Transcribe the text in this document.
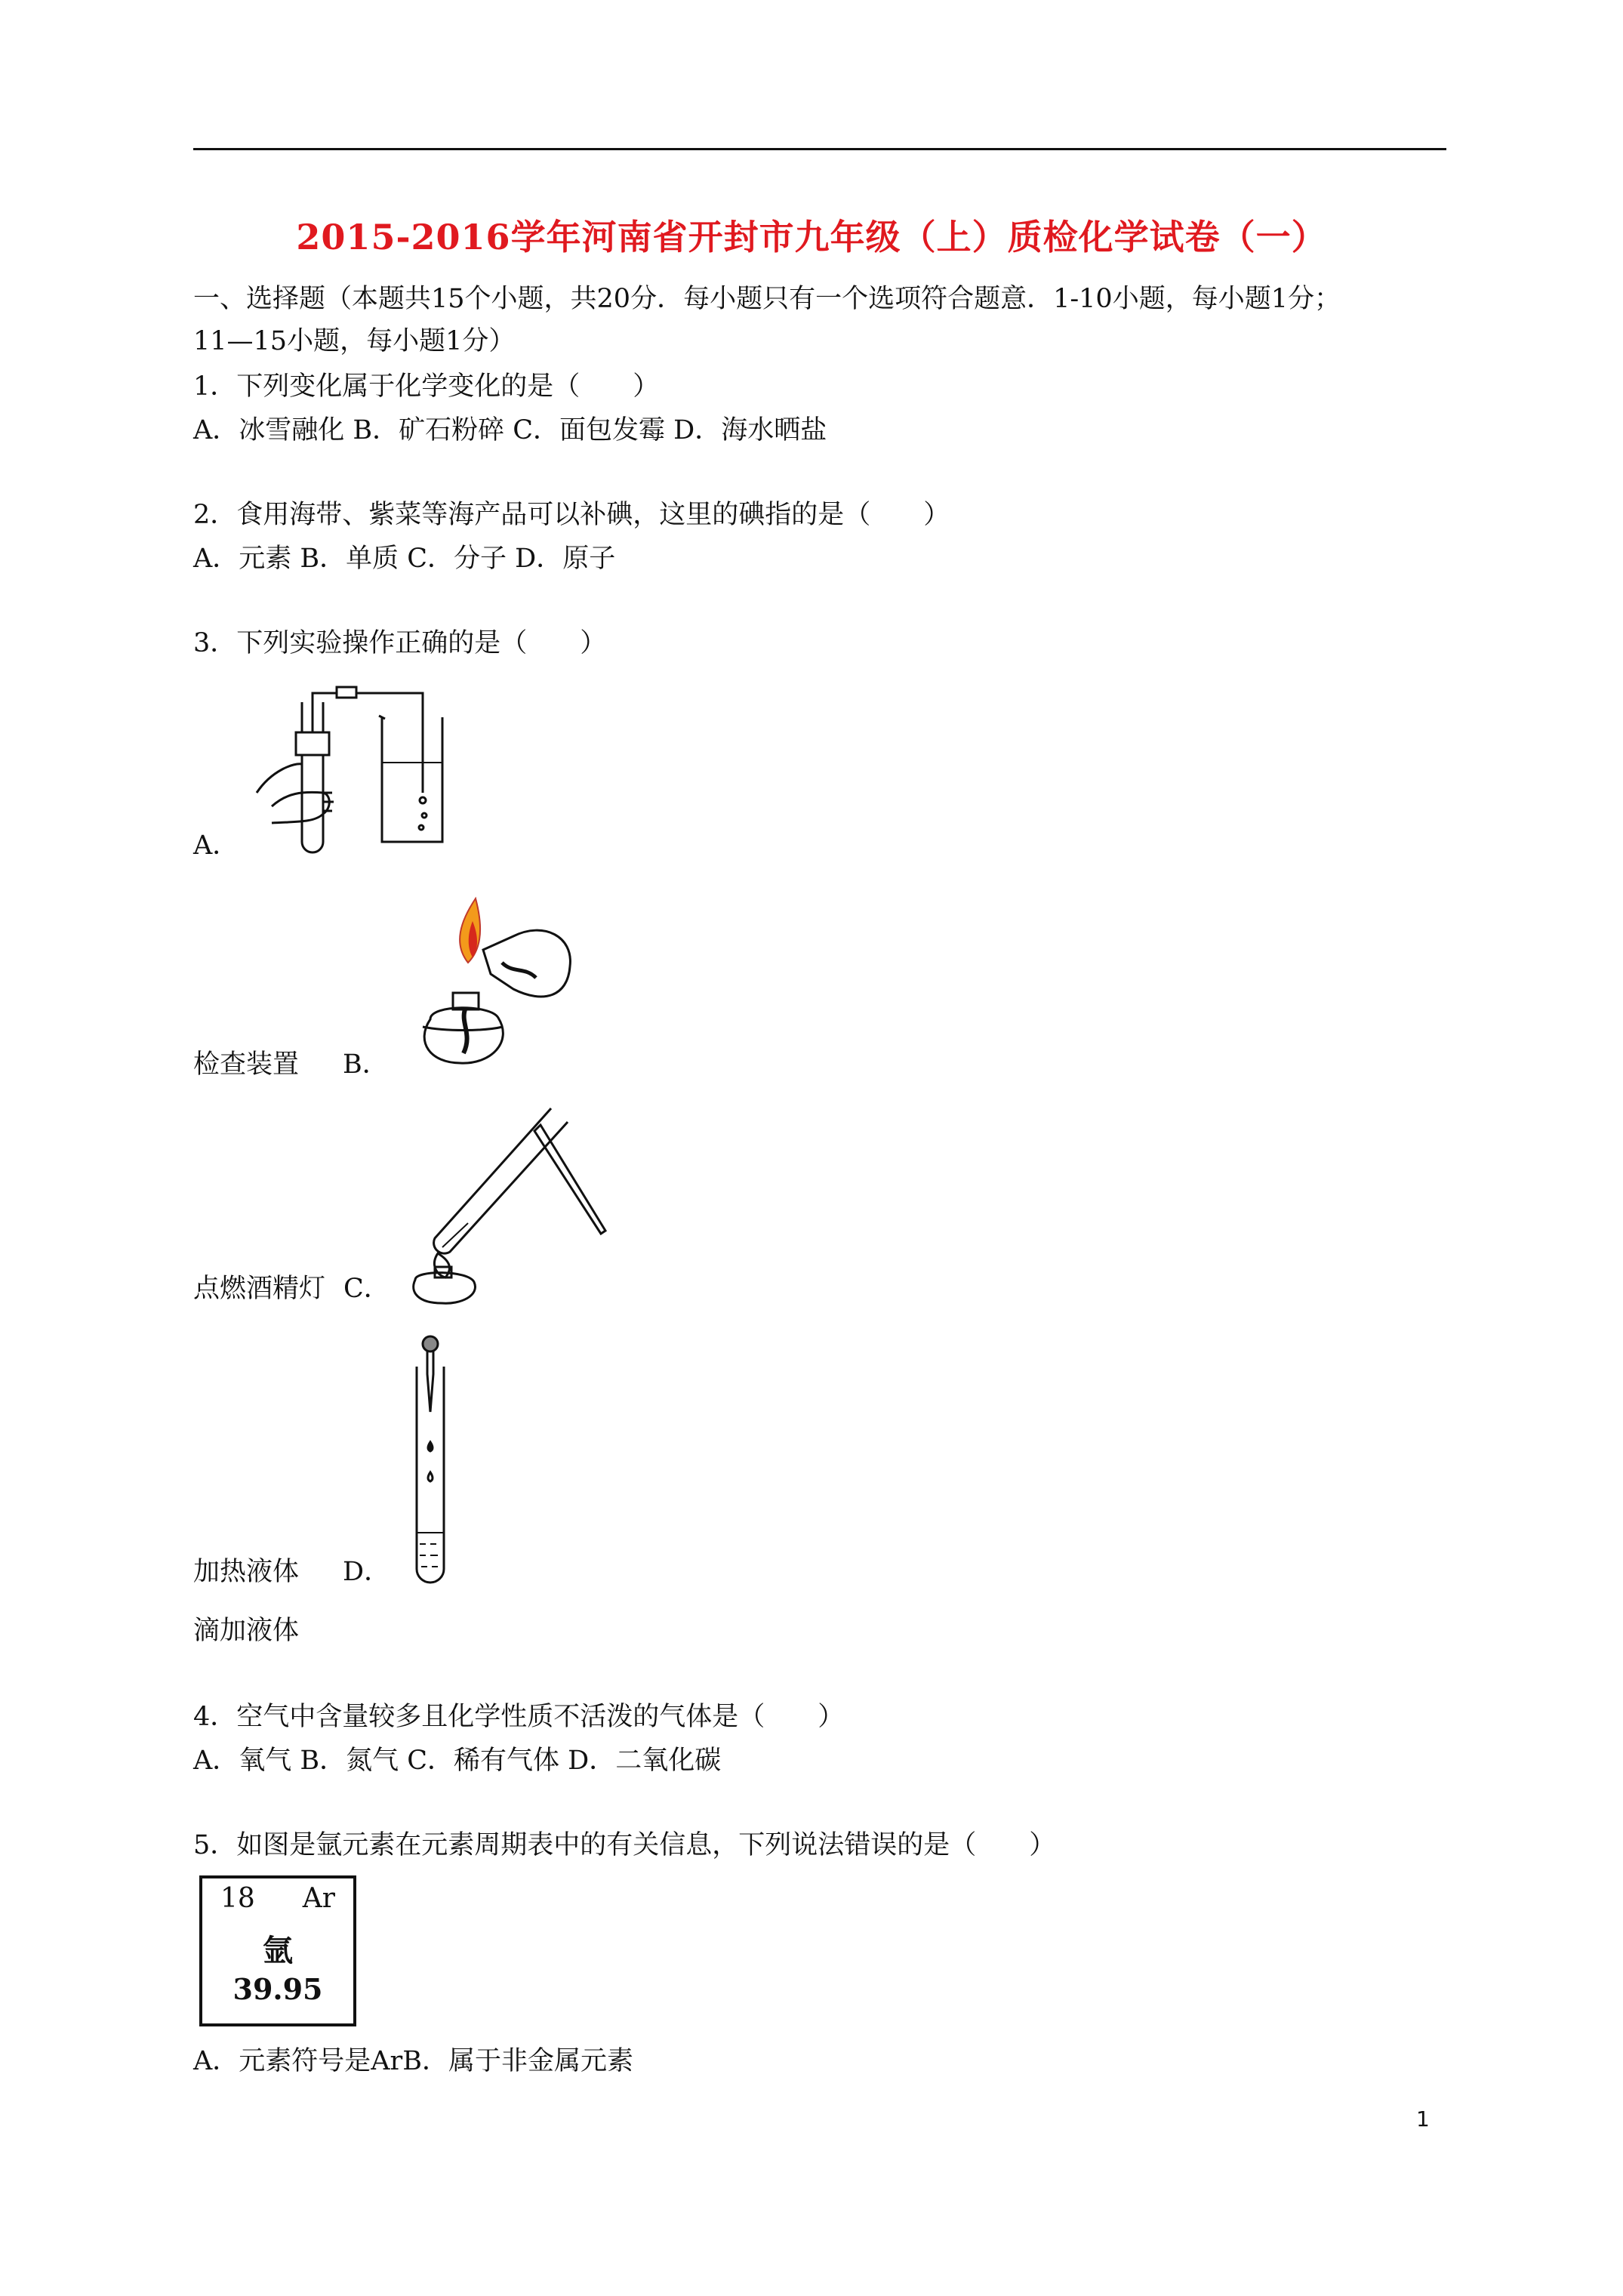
2015-2016学年河南省开封市九年级（上）质检化学试卷（一）
一、选择题（本题共15个小题，共20分．每小题只有一个选项符合题意．1-10小题，每小题1分；
11—15小题，每小题1分）
1．下列变化属于化学变化的是（　　）
A．冰雪融化 B．矿石粉碎 C．面包发霉 D．海水晒盐
2．食用海带、紫菜等海产品可以补碘，这里的碘指的是（　　）
A．元素 B．单质 C．分子 D．原子
3．下列实验操作正确的是（　　）
A．
检查装置 B．
点燃酒精灯 C．
加热液体 D．
滴加液体
4．空气中含量较多且化学性质不活泼的气体是（　　）
A．氧气 B．氮气 C．稀有气体 D．二氧化碳
5．如图是氩元素在元素周期表中的有关信息，下列说法错误的是（　　）
18 Ar
氩
39.95
A．元素符号是ArB．属于非金属元素
1
